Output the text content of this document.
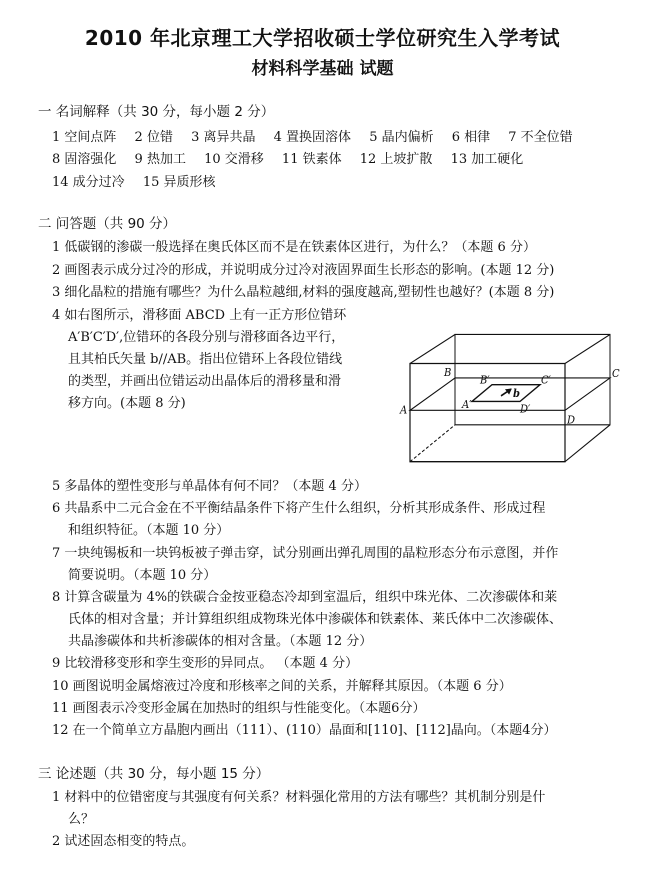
2010 年北京理工大学招收硕士学位研究生入学考试
材料科学基础 试题
一 名词解释（共 30 分，每小题 2 分）
1 空间点阵 2 位错 3 离异共晶 4 置换固溶体 5 晶内偏析 6 相律 7 不全位错
8 固溶强化 9 热加工 10 交滑移 11 铁素体 12 上坡扩散 13 加工硬化
14 成分过冷 15 异质形核
二 问答题（共 90 分）
1 低碳钢的渗碳一般选择在奥氏体区而不是在铁素体区进行，为什么？（本题 6 分）
2 画图表示成分过冷的形成，并说明成分过冷对液固界面生长形态的影响。(本题 12 分)
3 细化晶粒的措施有哪些？为什么晶粒越细,材料的强度越高,塑韧性也越好？(本题 8 分)
4 如右图所示，滑移面 ABCD 上有一正方形位错环
A′B′C′D′,位错环的各段分别与滑移面各边平行，
且其柏氏矢量 b//AB。指出位错环上各段位错线
的类型，并画出位错运动出晶体后的滑移量和滑
移方向。(本题 8 分)	A
B	C
D
A′
B′	C′
D′
b
5 多晶体的塑性变形与单晶体有何不同？（本题 4 分）
6 共晶系中二元合金在不平衡结晶条件下将产生什么组织，分析其形成条件、形成过程
和组织特征。（本题 10 分）
7 一块纯锡板和一块钨板被子弹击穿，试分别画出弹孔周围的晶粒形态分布示意图，并作
简要说明。（本题 10 分）
8 计算含碳量为 4%的铁碳合金按亚稳态冷却到室温后，组织中珠光体、二次渗碳体和莱
氏体的相对含量；并计算组织组成物珠光体中渗碳体和铁素体、莱氏体中二次渗碳体、
共晶渗碳体和共析渗碳体的相对含量。（本题 12 分）
9 比较滑移变形和孪生变形的异同点。 （本题 4 分）
10 画图说明金属熔液过冷度和形核率之间的关系，并解释其原因。（本题 6 分）
11 画图表示冷变形金属在加热时的组织与性能变化。（本题6分）
12 在一个简单立方晶胞内画出（111）、(110）晶面和[110]、[112]晶向。（本题4分）
三 论述题（共 30 分，每小题 15 分）
1 材料中的位错密度与其强度有何关系？材料强化常用的方法有哪些？其机制分别是什
么？
2 试述固态相变的特点。
